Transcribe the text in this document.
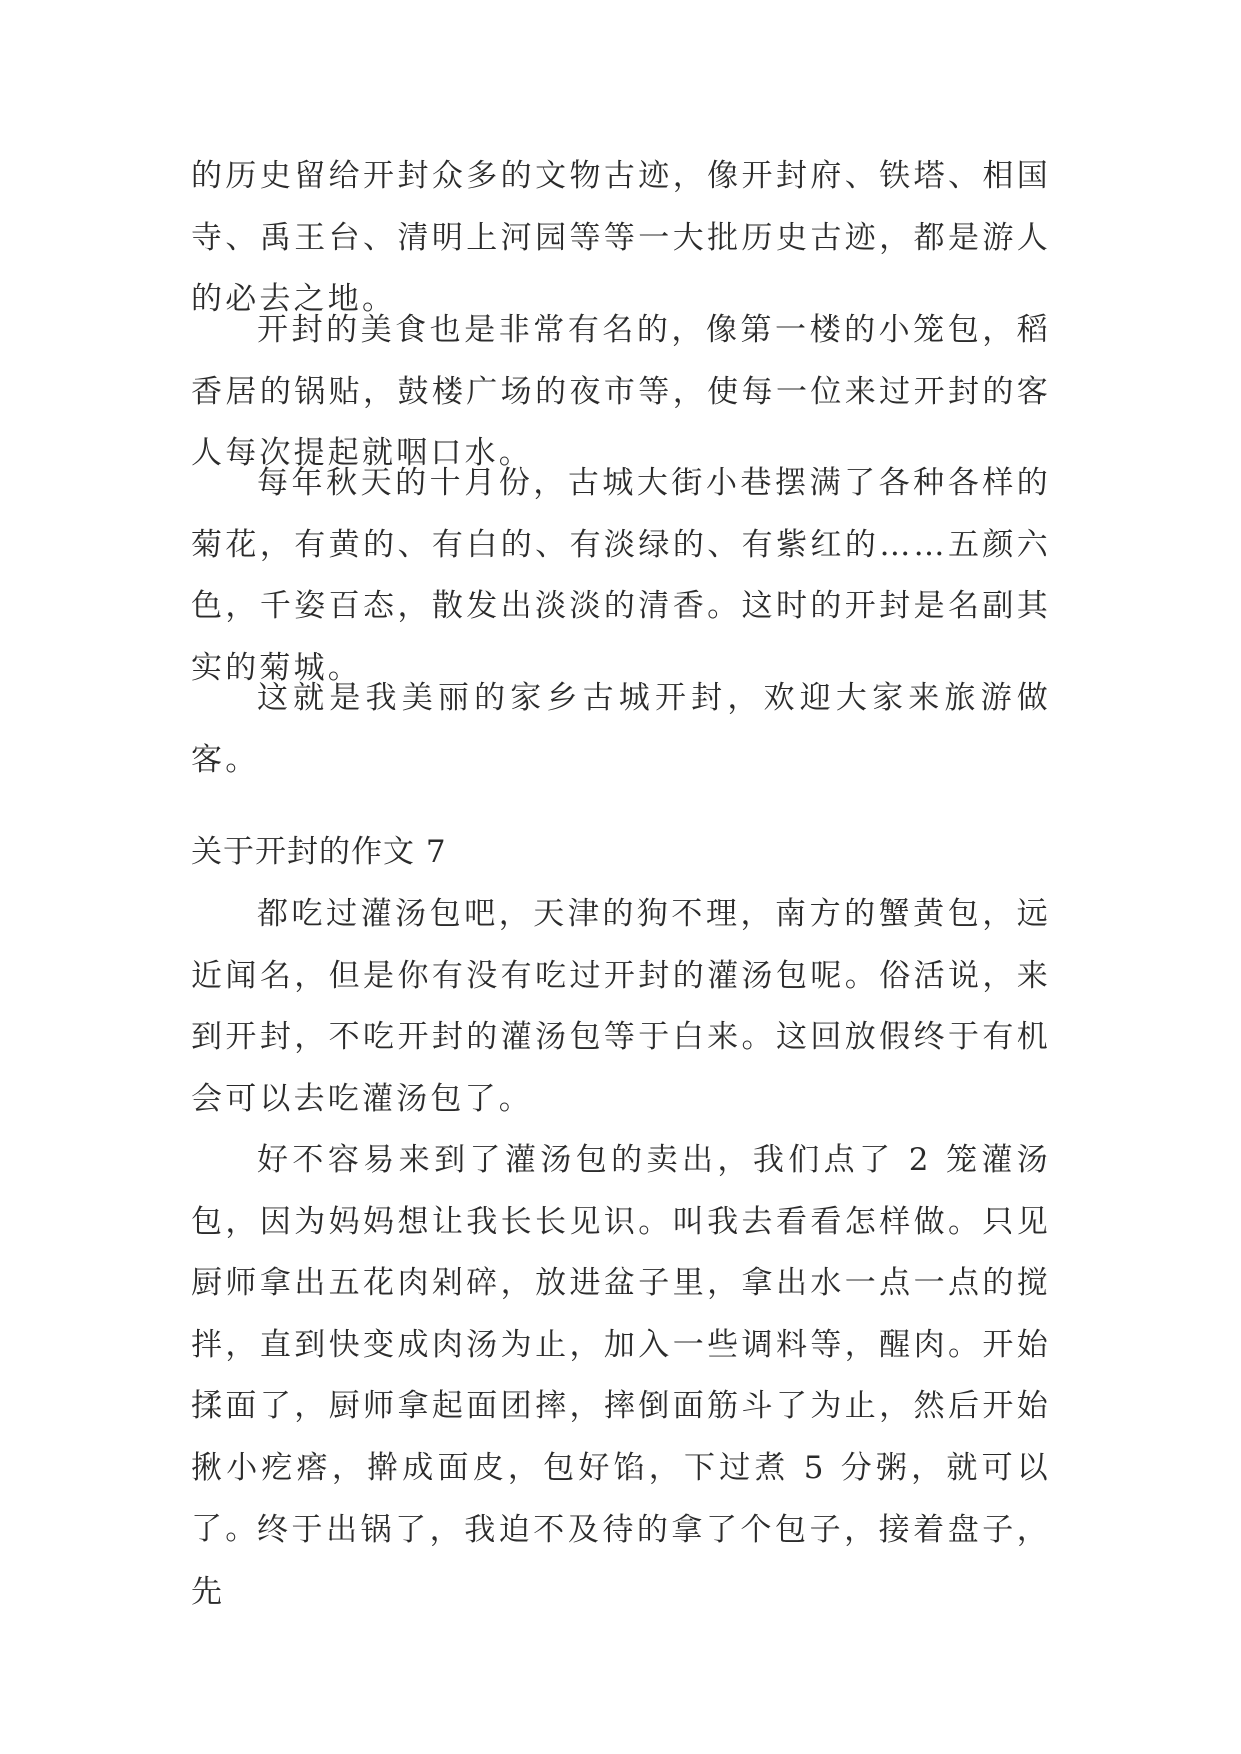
的历史留给开封众多的文物古迹，像开封府、铁塔、相国寺、禹王台、清明上河园等等一大批历史古迹，都是游人的必去之地。

开封的美食也是非常有名的，像第一楼的小笼包，稻香居的锅贴，鼓楼广场的夜市等，使每一位来过开封的客人每次提起就咽口水。

每年秋天的十月份，古城大街小巷摆满了各种各样的菊花，有黄的、有白的、有淡绿的、有紫红的……五颜六色，千姿百态，散发出淡淡的清香。这时的开封是名副其实的菊城。

这就是我美丽的家乡古城开封，欢迎大家来旅游做客。

关于开封的作文 7

都吃过灌汤包吧，天津的狗不理，南方的蟹黄包，远近闻名，但是你有没有吃过开封的灌汤包呢。俗活说，来到开封，不吃开封的灌汤包等于白来。这回放假终于有机会可以去吃灌汤包了。

好不容易来到了灌汤包的卖出，我们点了 2 笼灌汤包，因为妈妈想让我长长见识。叫我去看看怎样做。只见厨师拿出五花肉剁碎，放进盆子里，拿出水一点一点的搅拌，直到快变成肉汤为止，加入一些调料等，醒肉。开始揉面了，厨师拿起面团摔，摔倒面筋斗了为止，然后开始揪小疙瘩，擀成面皮，包好馅，下过煮 5 分粥，就可以了。

终于出锅了，我迫不及待的拿了个包子，接着盘子，先
